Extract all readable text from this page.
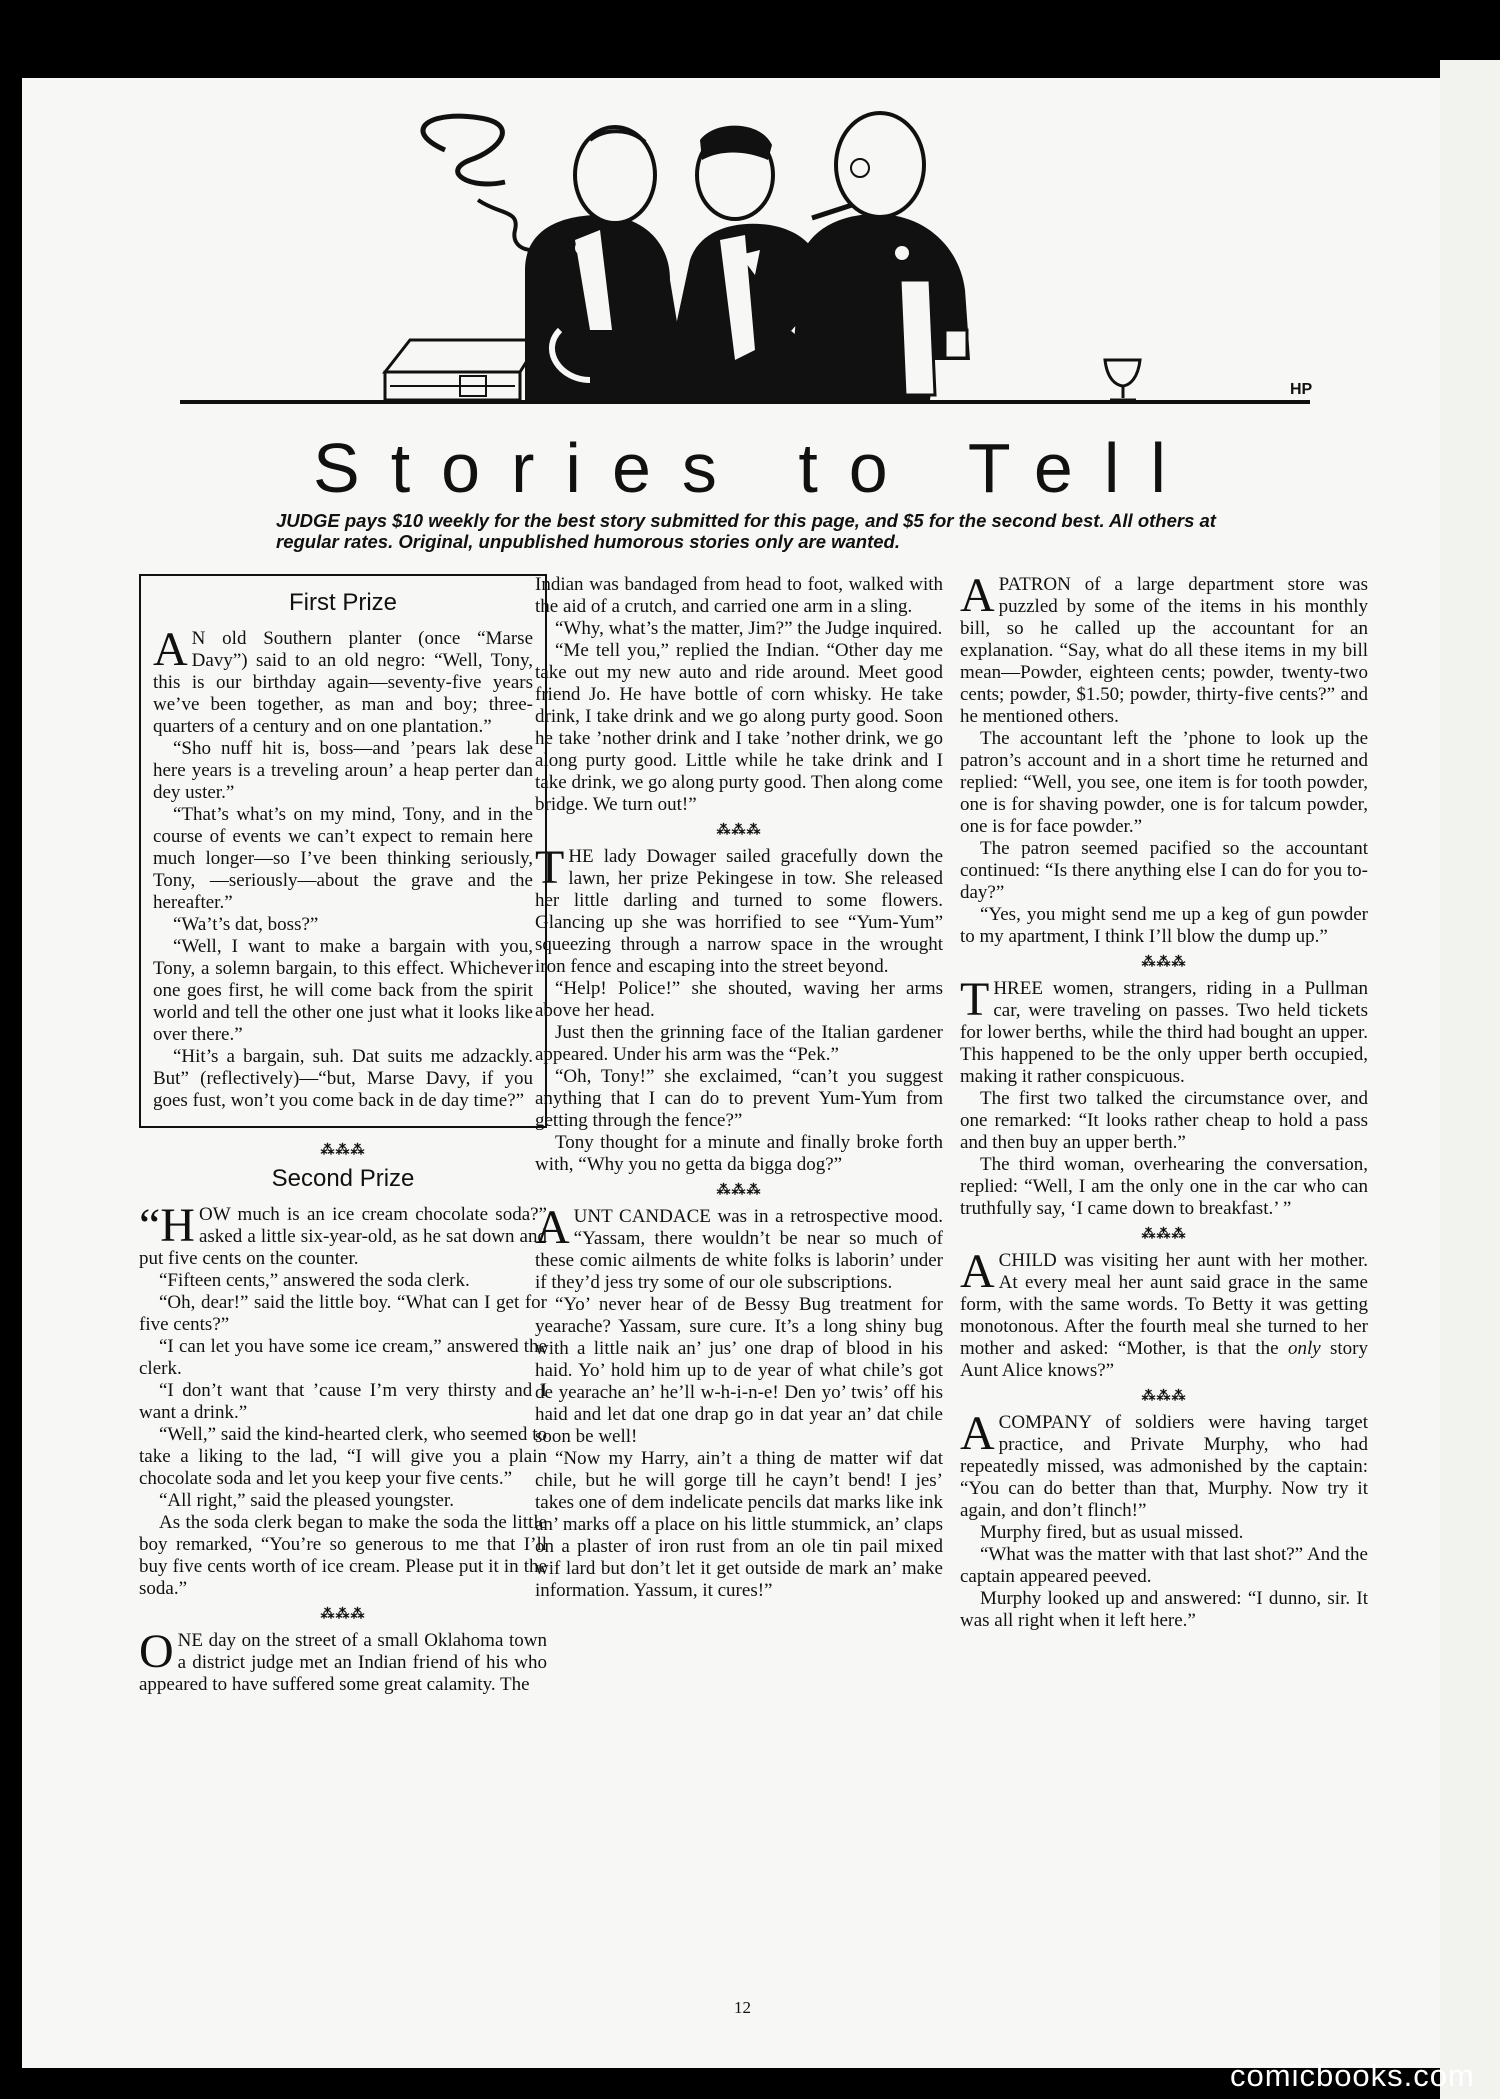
HP
Stories to Tell
JUDGE pays $10 weekly for the best story submitted for this page, and $5 for the second best. All others at regular rates. Original, unpublished humorous stories only are wanted.
First Prize

A N old Southern planter (once “Marse Davy”) said to an old negro: “Well, Tony, this is our birthday again—seventy-five years we’ve been together, as man and boy; three-quarters of a century and on one plantation.”

“Sho nuff hit is, boss—and ’pears lak dese here years is a treveling aroun’ a heap perter dan dey uster.”

“That’s what’s on my mind, Tony, and in the course of events we can’t expect to remain here much longer—so I’ve been thinking seriously, Tony, —seriously—about the grave and the hereafter.”

“Wa’t’s dat, boss?”

“Well, I want to make a bargain with you, Tony, a solemn bargain, to this effect. Whichever one goes first, he will come back from the spirit world and tell the other one just what it looks like over there.”

“Hit’s a bargain, suh. Dat suits me adzackly. But” (reflectively)—“but, Marse Davy, if you goes fust, won’t you come back in de day time?”

⁂⁂⁂
Second Prize

“HOW much is an ice cream chocolate soda?” asked a little six-year-old, as he sat down and put five cents on the counter.

“Fifteen cents,” answered the soda clerk.

“Oh, dear!” said the little boy. “What can I get for five cents?”

“I can let you have some ice cream,” answered the clerk.

“I don’t want that ’cause I’m very thirsty and I want a drink.”

“Well,” said the kind-hearted clerk, who seemed to take a liking to the lad, “I will give you a plain chocolate soda and let you keep your five cents.”

“All right,” said the pleased youngster.

As the soda clerk began to make the soda the little boy remarked, “You’re so generous to me that I’ll buy five cents worth of ice cream. Please put it in the soda.”

⁂⁂⁂

ONE day on the street of a small Oklahoma town a district judge met an Indian friend of his who appeared to have suffered some great calamity. The

Indian was bandaged from head to foot, walked with the aid of a crutch, and carried one arm in a sling.

“Why, what’s the matter, Jim?” the Judge inquired.

“Me tell you,” replied the Indian. “Other day me take out my new auto and ride around. Meet good friend Jo. He have bottle of corn whisky. He take drink, I take drink and we go along purty good. Soon he take ’nother drink and I take ’nother drink, we go along purty good. Little while he take drink and I take drink, we go along purty good. Then along come bridge. We turn out!”

⁂⁂⁂

THE lady Dowager sailed gracefully down the lawn, her prize Pekingese in tow. She released her little darling and turned to some flowers. Glancing up she was horrified to see “Yum-Yum” squeezing through a narrow space in the wrought iron fence and escaping into the street beyond.

“Help! Police!” she shouted, waving her arms above her head.

Just then the grinning face of the Italian gardener appeared. Under his arm was the “Pek.”

“Oh, Tony!” she exclaimed, “can’t you suggest anything that I can do to prevent Yum-Yum from getting through the fence?”

Tony thought for a minute and finally broke forth with, “Why you no getta da bigga dog?”

⁂⁂⁂

AUNT CANDACE was in a retrospective mood. “Yassam, there wouldn’t be near so much of these comic ailments de white folks is laborin’ under if they’d jess try some of our ole subscriptions.

“Yo’ never hear of de Bessy Bug treatment for yearache? Yassam, sure cure. It’s a long shiny bug with a little naik an’ jus’ one drap of blood in his haid. Yo’ hold him up to de year of what chile’s got de yearache an’ he’ll w-h-i-n-e! Den yo’ twis’ off his haid and let dat one drap go in dat year an’ dat chile soon be well!

“Now my Harry, ain’t a thing de matter wif dat chile, but he will gorge till he cayn’t bend! I jes’ takes one of dem indelicate pencils dat marks like ink an’ marks off a place on his little stummick, an’ claps on a plaster of iron rust from an ole tin pail mixed wif lard but don’t let it get outside de mark an’ make information. Yassum, it cures!”

APATRON of a large department store was puzzled by some of the items in his monthly bill, so he called up the accountant for an explanation. “Say, what do all these items in my bill mean—Powder, eighteen cents; powder, twenty-two cents; powder, $1.50; powder, thirty-five cents?” and he mentioned others.

The accountant left the ’phone to look up the patron’s account and in a short time he returned and replied: “Well, you see, one item is for tooth powder, one is for shaving powder, one is for talcum powder, one is for face powder.”

The patron seemed pacified so the accountant continued: “Is there anything else I can do for you to-day?”

“Yes, you might send me up a keg of gun powder to my apartment, I think I’ll blow the dump up.”

⁂⁂⁂

THREE women, strangers, riding in a Pullman car, were traveling on passes. Two held tickets for lower berths, while the third had bought an upper. This happened to be the only upper berth occupied, making it rather conspicuous.

The first two talked the circumstance over, and one remarked: “It looks rather cheap to hold a pass and then buy an upper berth.”

The third woman, overhearing the conversation, replied: “Well, I am the only one in the car who can truthfully say, ‘I came down to breakfast.’ ”

⁂⁂⁂

ACHILD was visiting her aunt with her mother. At every meal her aunt said grace in the same form, with the same words. To Betty it was getting monotonous. After the fourth meal she turned to her mother and asked: “Mother, is that the only story Aunt Alice knows?”

⁂⁂⁂

ACOMPANY of soldiers were having target practice, and Private Murphy, who had repeatedly missed, was admonished by the captain: “You can do better than that, Murphy. Now try it again, and don’t flinch!”

Murphy fired, but as usual missed.

“What was the matter with that last shot?” And the captain appeared peeved.

Murphy looked up and answered: “I dunno, sir. It was all right when it left here.”

12
comicbooks.com
